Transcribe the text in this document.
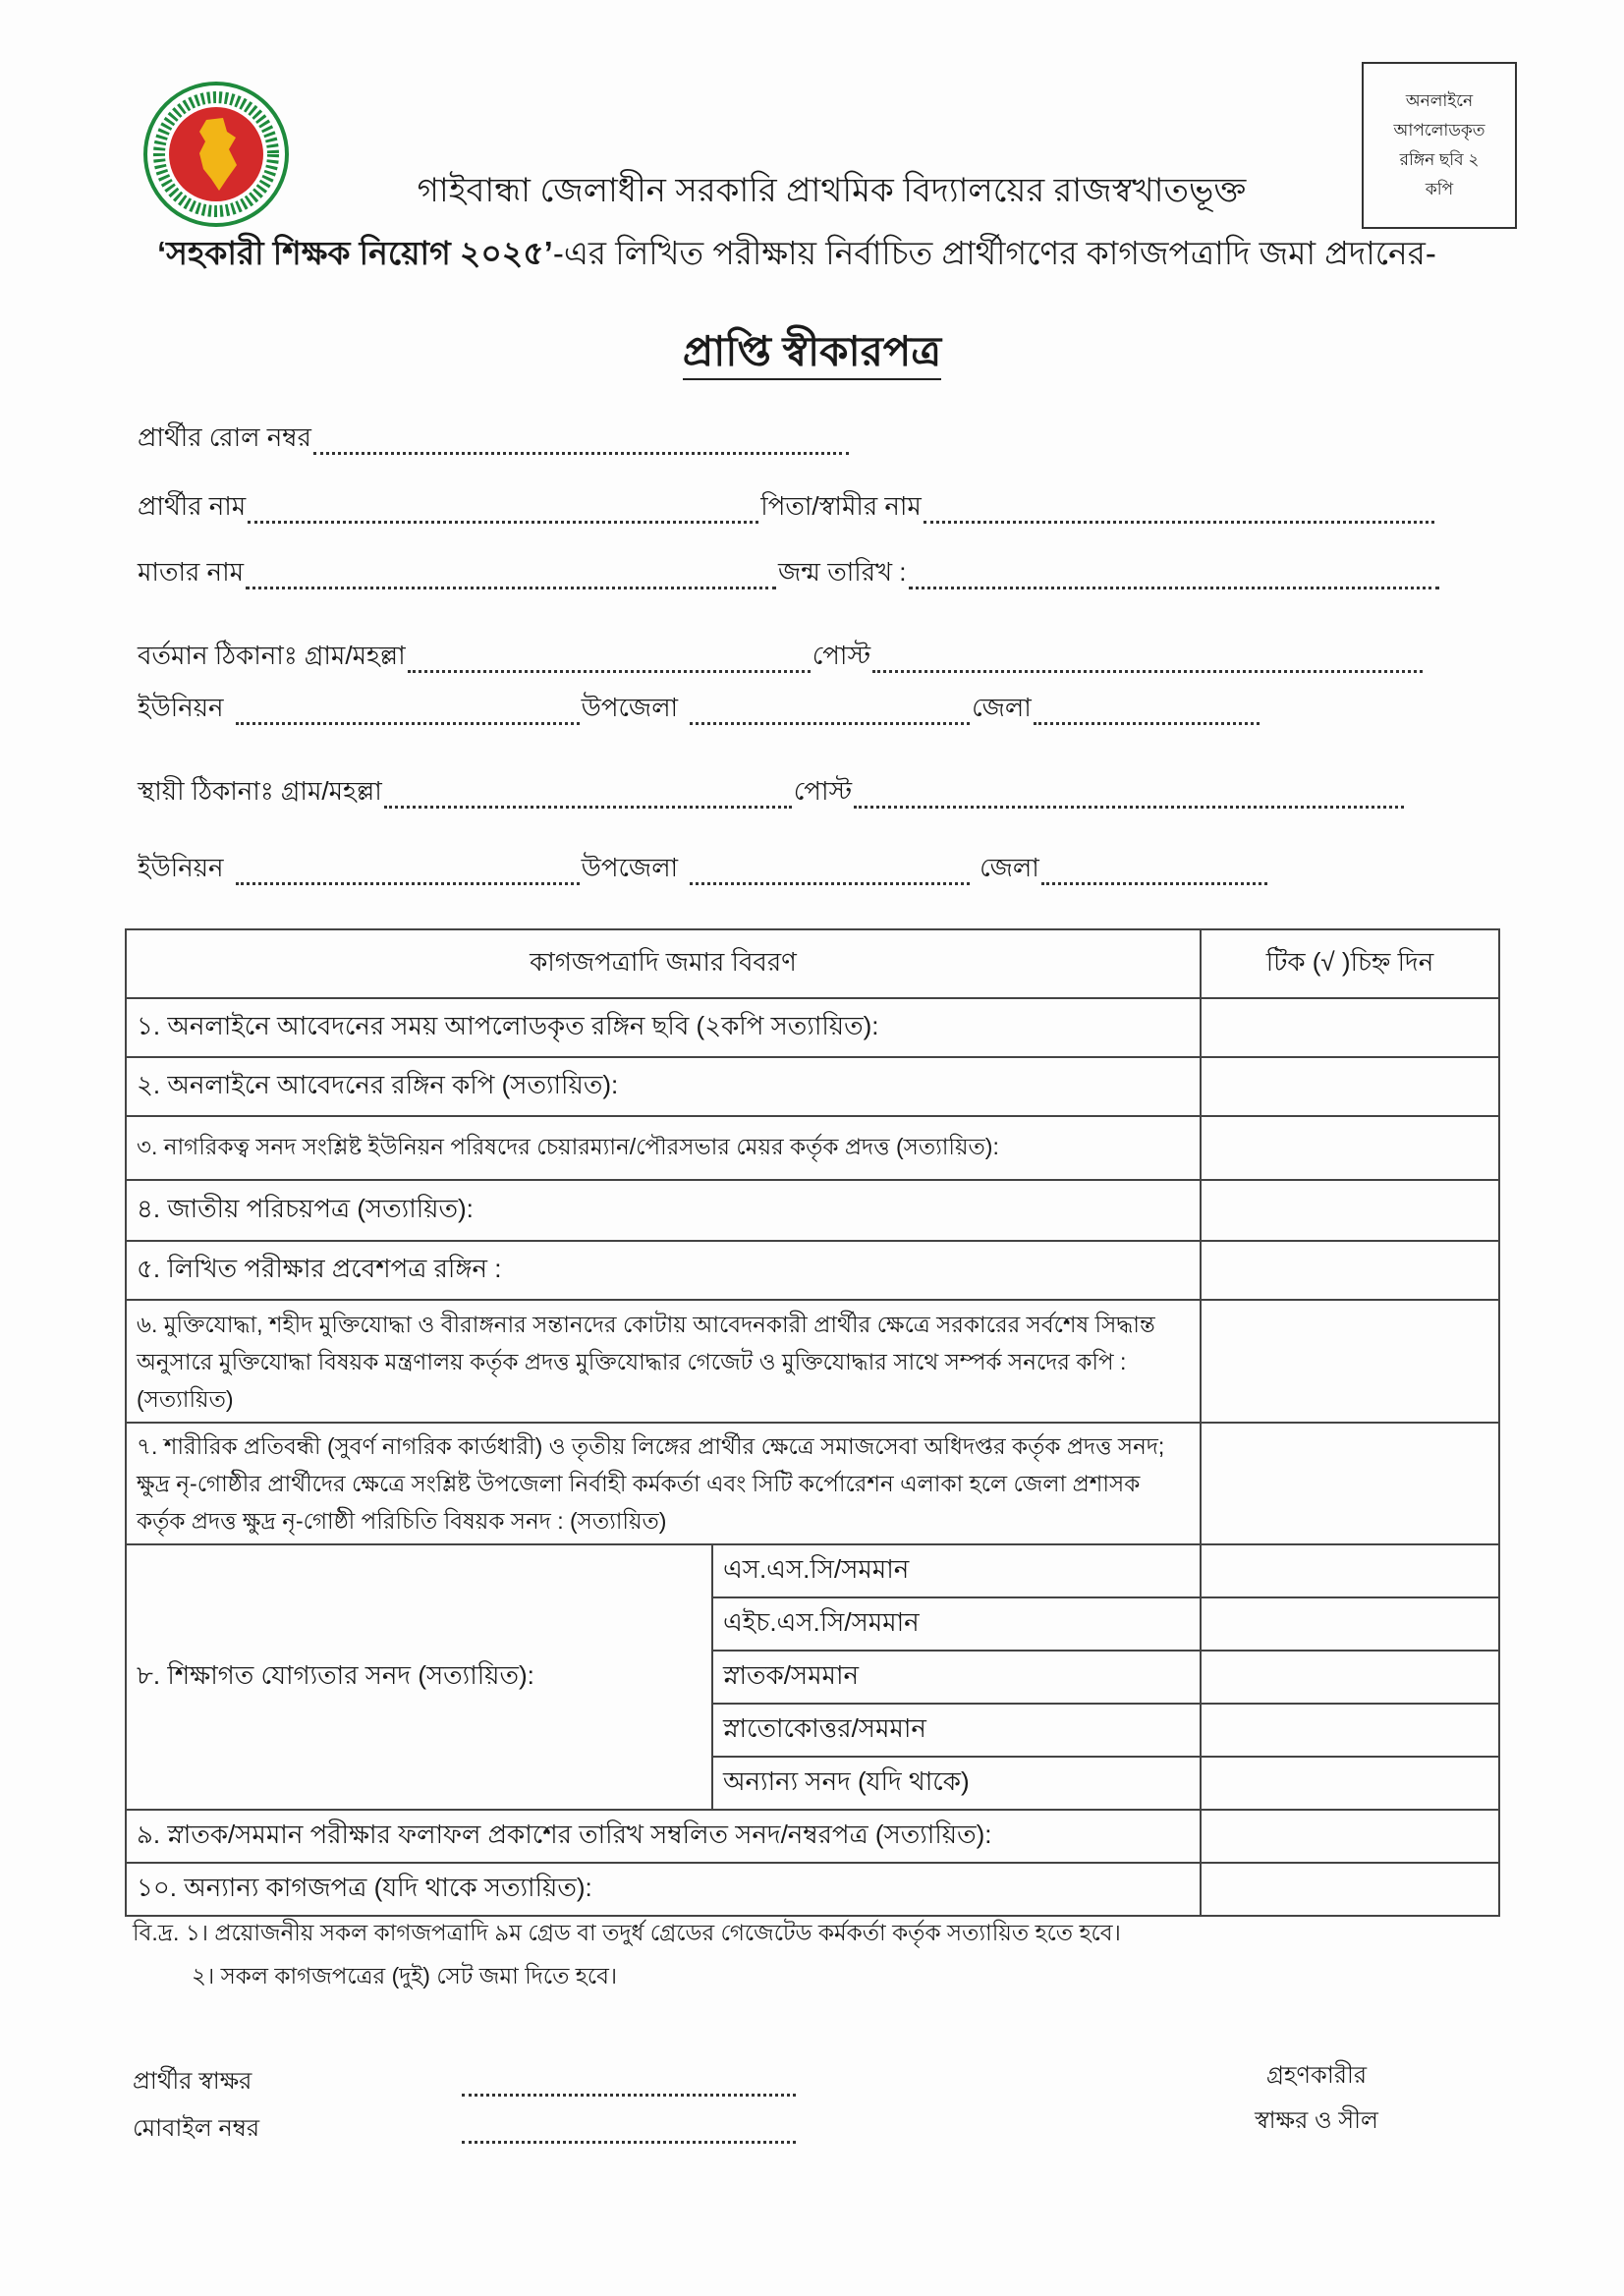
অনলাইনে আপলোডকৃত রঙ্গিন ছবি ২ কপি
গাইবান্ধা জেলাধীন সরকারি প্রাথমিক বিদ্যালয়ের রাজস্বখাতভূক্ত
‘সহকারী শিক্ষক নিয়োগ ২০২৫’-এর লিখিত পরীক্ষায় নির্বাচিত প্রার্থীগণের কাগজপত্রাদি জমা প্রদানের-
প্রাপ্তি স্বীকারপত্র
প্রার্থীর রোল নম্বর
প্রার্থীর নাম	পিতা/স্বামীর নাম
মাতার নাম	জন্ম তারিখ :
বর্তমান ঠিকানাঃ গ্রাম/মহল্লা	পোস্ট
ইউনিয়ন	উপজেলা	জেলা
স্থায়ী ঠিকানাঃ গ্রাম/মহল্লা	পোস্ট
ইউনিয়ন	উপজেলা	জেলা
কাগজপত্রাদি জমার বিবরণ		টিক (√ )চিহ্ন দিন
১. অনলাইনে আবেদনের সময় আপলোডকৃত রঙ্গিন ছবি (২কপি সত্যায়িত):		
২. অনলাইনে আবেদনের রঙ্গিন কপি (সত্যায়িত):		
৩. নাগরিকত্ব সনদ সংশ্লিষ্ট ইউনিয়ন পরিষদের চেয়ারম্যান/পৌরসভার মেয়র কর্তৃক প্রদত্ত (সত্যায়িত):		
৪. জাতীয় পরিচয়পত্র (সত্যায়িত):		
৫. লিখিত পরীক্ষার প্রবেশপত্র রঙ্গিন :		
৬. মুক্তিযোদ্ধা, শহীদ মুক্তিযোদ্ধা ও বীরাঙ্গনার সন্তানদের কোটায় আবেদনকারী প্রার্থীর ক্ষেত্রে সরকারের সর্বশেষ সিদ্ধান্ত অনুসারে মুক্তিযোদ্ধা বিষয়ক মন্ত্রণালয় কর্তৃক প্রদত্ত মুক্তিযোদ্ধার গেজেট ও মুক্তিযোদ্ধার সাথে সম্পর্ক সনদের কপি : (সত্যায়িত)		
৭. শারীরিক প্রতিবন্ধী (সুবর্ণ নাগরিক কার্ডধারী) ও তৃতীয় লিঙ্গের প্রার্থীর ক্ষেত্রে সমাজসেবা অধিদপ্তর কর্তৃক প্রদত্ত সনদ; ক্ষুদ্র নৃ-গোষ্ঠীর প্রার্থীদের ক্ষেত্রে সংশ্লিষ্ট উপজেলা নির্বাহী কর্মকর্তা এবং সিটি কর্পোরেশন এলাকা হলে জেলা প্রশাসক কর্তৃক প্রদত্ত ক্ষুদ্র নৃ-গোষ্ঠী পরিচিতি বিষয়ক সনদ : (সত্যায়িত)		
৮. শিক্ষাগত যোগ্যতার সনদ (সত্যায়িত):	এস.এস.সি/সমমান	
	এইচ.এস.সি/সমমান	
	স্নাতক/সমমান	
	স্নাতোকোত্তর/সমমান	
	অন্যান্য সনদ (যদি থাকে)	
৯. স্নাতক/সমমান পরীক্ষার ফলাফল প্রকাশের তারিখ সম্বলিত সনদ/নম্বরপত্র (সত্যায়িত):		
১০. অন্যান্য কাগজপত্র (যদি থাকে সত্যায়িত):		
বি.দ্র. ১। প্রয়োজনীয় সকল কাগজপত্রাদি ৯ম গ্রেড বা তদুর্ধ গ্রেডের গেজেটেড কর্মকর্তা কর্তৃক সত্যায়িত হতে হবে।
২। সকল কাগজপত্রের (দুই) সেট জমা দিতে হবে।
প্রার্থীর স্বাক্ষর
মোবাইল নম্বর
গ্রহণকারীর
স্বাক্ষর ও সীল
